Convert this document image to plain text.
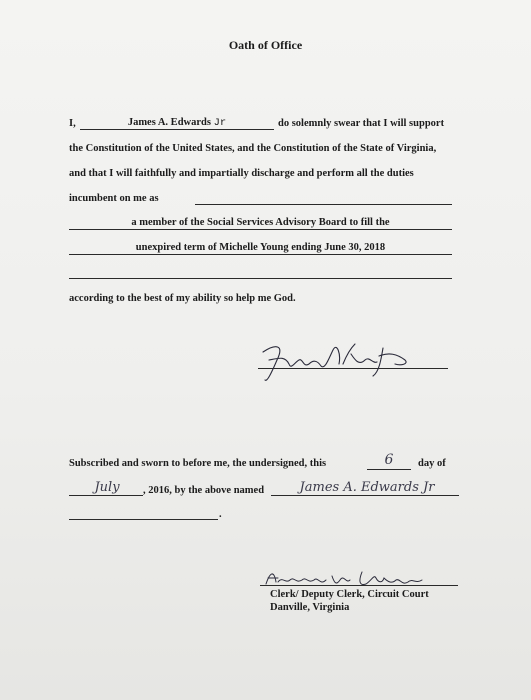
Oath of Office
I,	James A. Edwards Jr	do solemnly swear that I will support
the Constitution of the United States, and the Constitution of the State of Virginia,
and that I will faithfully and impartially discharge and perform all the duties
incumbent on me as
a member of the Social Services Advisory Board to fill the
unexpired term of Michelle Young ending June 30, 2018
according to the best of my ability so help me God.
Subscribed and sworn to before me, the undersigned, this	6	day of
July	, 2016, by the above named	James A. Edwards Jr
.
Clerk/ Deputy Clerk, Circuit Court
Danville, Virginia
